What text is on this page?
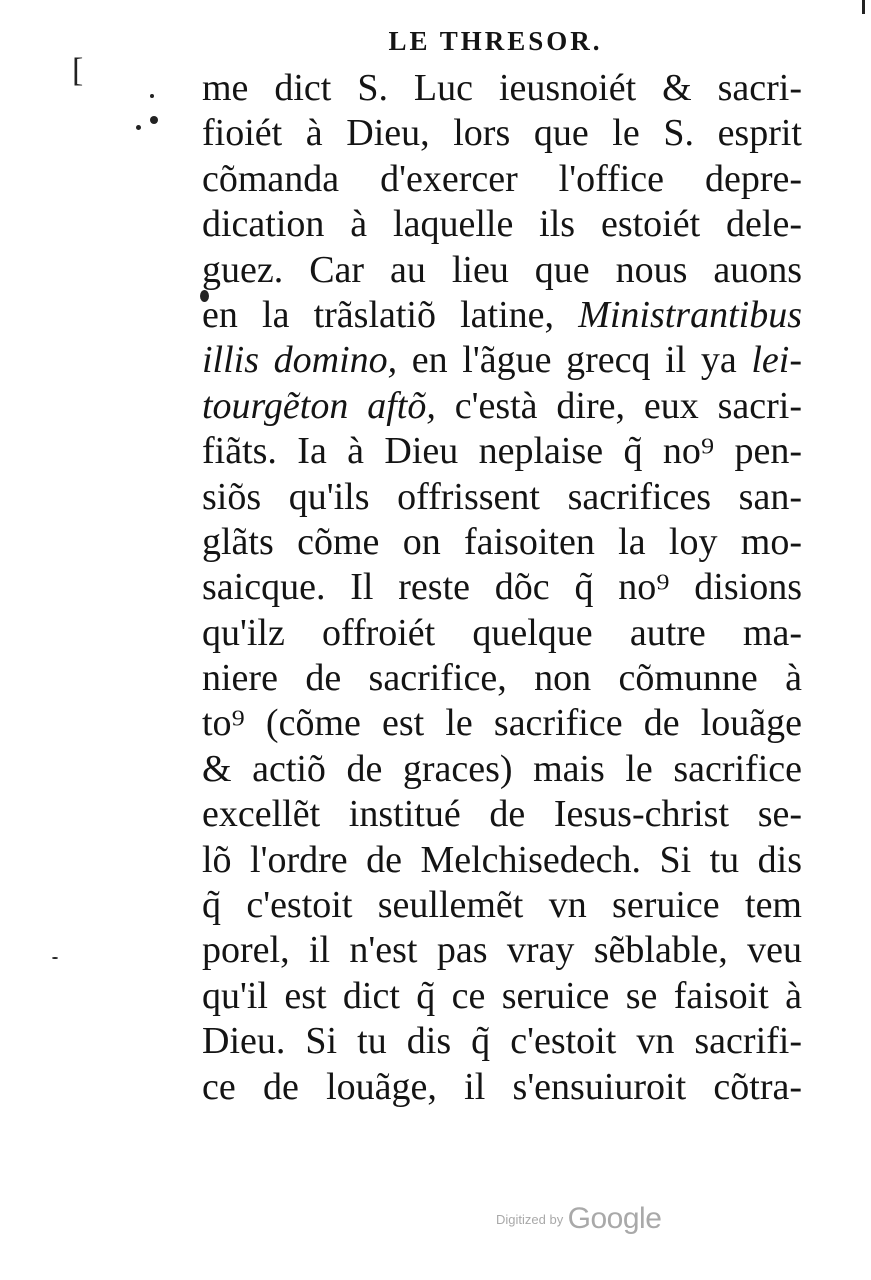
LE THRESOR.
[	me dict S. Luc ieusnoiét & sacri-
fioiét à Dieu, lors que le S. esprit
cõmanda d'exercer l'office depre-
dication à laquelle ils estoiét dele-
guez. Car au lieu que nous auons
en la trãslatiõ latine, Ministrantibus
illis domino, en l'ãgue grecq il ya lei-
tourgẽton aftõ, c'està dire, eux sacri-
fiãts. Ia à Dieu neplaise q̃ no⁹ pen-
siõs qu'ils offrissent sacrifices san-
glãts cõme on faisoiten la loy mo-
saicque. Il reste dõc q̃ no⁹ disions
qu'ilz offroiét quelque autre ma-
niere de sacrifice, non cõmunne à
to⁹ (cõme est le sacrifice de louãge
& actiõ de graces) mais le sacrifice
excellẽt institué de Iesus-christ se-
lõ l'ordre de Melchisedech. Si tu dis
q̃ c'estoit seullemẽt vn seruice tem
porel, il n'est pas vray sẽblable, veu
qu'il est dict q̃ ce seruice se faisoit à
Dieu. Si tu dis q̃ c'estoit vn sacrifi-
ce de louãge, il s'ensuiuroit cõtra-
$^{Digitized by}$ Google
